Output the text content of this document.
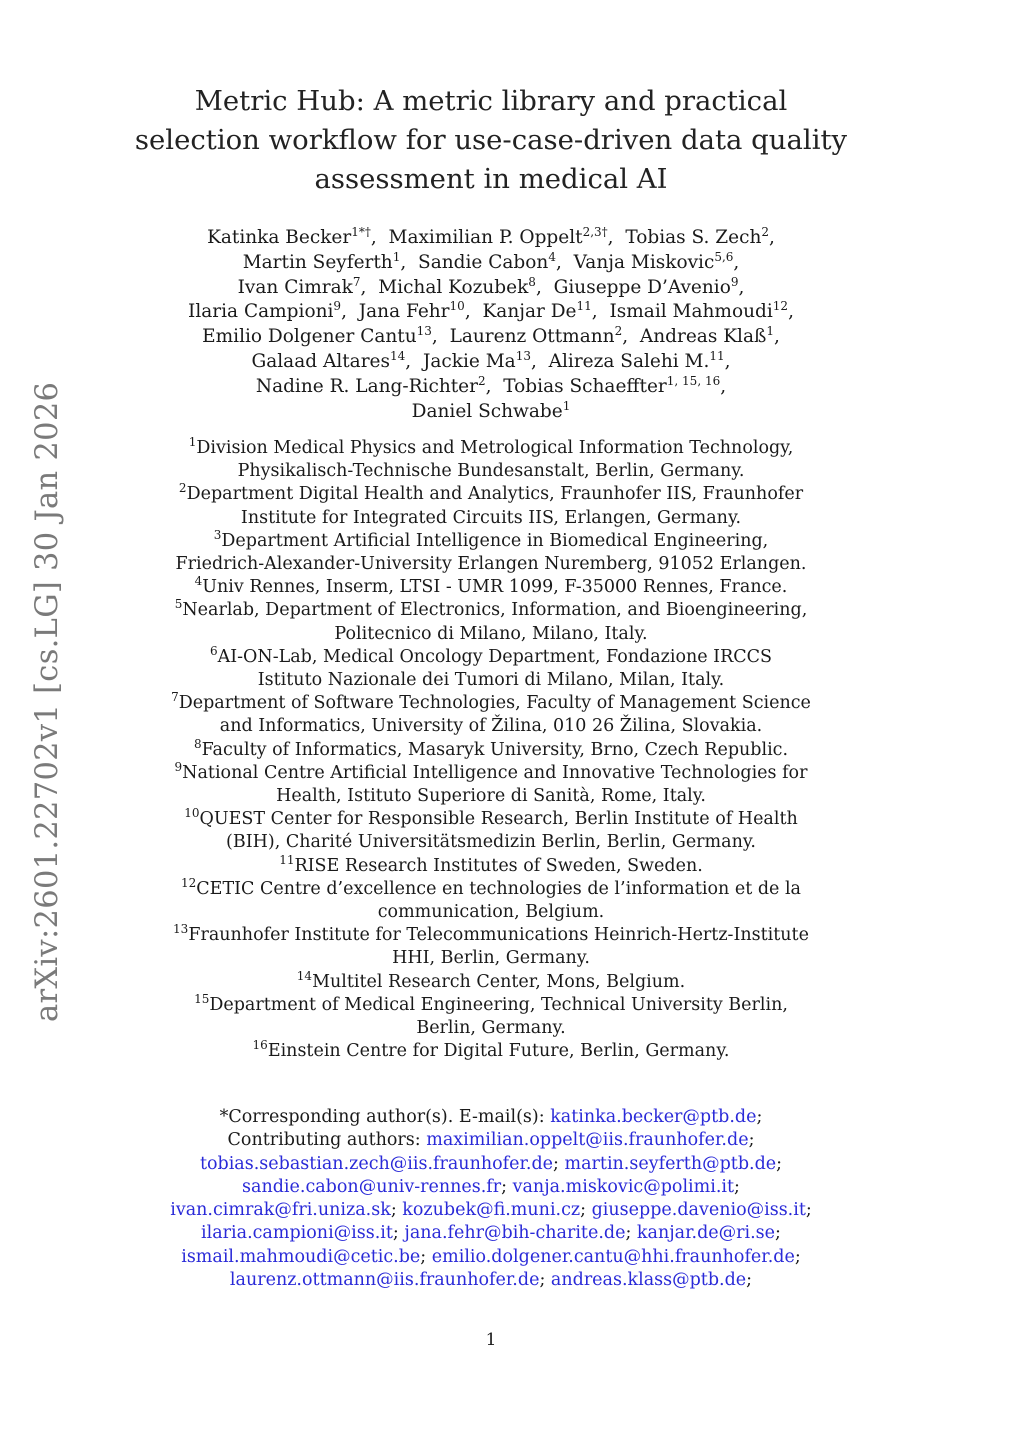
arXiv:2601.22702v1 [cs.LG] 30 Jan 2026
Metric Hub: A metric library and practical
selection workflow for use-case-driven data quality
assessment in medical AI
Katinka Becker$^{1*\dagger}$,  Maximilian P. Oppelt$^{2,3\dagger}$,  Tobias S. Zech$^2$,
Martin Seyferth$^1$,  Sandie Cabon$^4$,  Vanja Miskovic$^{5,6}$,
Ivan Cimrak$^7$,  Michal Kozubek$^8$,  Giuseppe D’Avenio$^9$,
Ilaria Campioni$^9$,  Jana Fehr$^{10}$,  Kanjar De$^{11}$,  Ismail Mahmoudi$^{12}$,
Emilio Dolgener Cantu$^{13}$,  Laurenz Ottmann$^2$,  Andreas Klaß$^1$,
Galaad Altares$^{14}$,  Jackie Ma$^{13}$,  Alireza Salehi M.$^{11}$,
Nadine R. Lang-Richter$^2$,  Tobias Schaeffter$^{1, 15, 16}$,
Daniel Schwabe$^1$
$^1$Division Medical Physics and Metrological Information Technology,
Physikalisch-Technische Bundesanstalt, Berlin, Germany.
$^2$Department Digital Health and Analytics, Fraunhofer IIS, Fraunhofer
Institute for Integrated Circuits IIS, Erlangen, Germany.
$^3$Department Artificial Intelligence in Biomedical Engineering,
Friedrich-Alexander-University Erlangen Nuremberg, 91052 Erlangen.
$^4$Univ Rennes, Inserm, LTSI - UMR 1099, F-35000 Rennes, France.
$^5$Nearlab, Department of Electronics, Information, and Bioengineering,
Politecnico di Milano, Milano, Italy.
$^6$AI-ON-Lab, Medical Oncology Department, Fondazione IRCCS
Istituto Nazionale dei Tumori di Milano, Milan, Italy.
$^7$Department of Software Technologies, Faculty of Management Science
and Informatics, University of Žilina, 010 26 Žilina, Slovakia.
$^8$Faculty of Informatics, Masaryk University, Brno, Czech Republic.
$^9$National Centre Artificial Intelligence and Innovative Technologies for
Health, Istituto Superiore di Sanità, Rome, Italy.
$^{10}$QUEST Center for Responsible Research, Berlin Institute of Health
(BIH), Charité Universitätsmedizin Berlin, Berlin, Germany.
$^{11}$RISE Research Institutes of Sweden, Sweden.
$^{12}$CETIC Centre d’excellence en technologies de l’information et de la
communication, Belgium.
$^{13}$Fraunhofer Institute for Telecommunications Heinrich-Hertz-Institute
HHI, Berlin, Germany.
$^{14}$Multitel Research Center, Mons, Belgium.
$^{15}$Department of Medical Engineering, Technical University Berlin,
Berlin, Germany.
$^{16}$Einstein Centre for Digital Future, Berlin, Germany.
*Corresponding author(s). E-mail(s): katinka.becker@ptb.de;
Contributing authors: maximilian.oppelt@iis.fraunhofer.de;
tobias.sebastian.zech@iis.fraunhofer.de; martin.seyferth@ptb.de;
sandie.cabon@univ-rennes.fr; vanja.miskovic@polimi.it;
ivan.cimrak@fri.uniza.sk; kozubek@fi.muni.cz; giuseppe.davenio@iss.it;
ilaria.campioni@iss.it; jana.fehr@bih-charite.de; kanjar.de@ri.se;
ismail.mahmoudi@cetic.be; emilio.dolgener.cantu@hhi.fraunhofer.de;
laurenz.ottmann@iis.fraunhofer.de; andreas.klass@ptb.de;
1
